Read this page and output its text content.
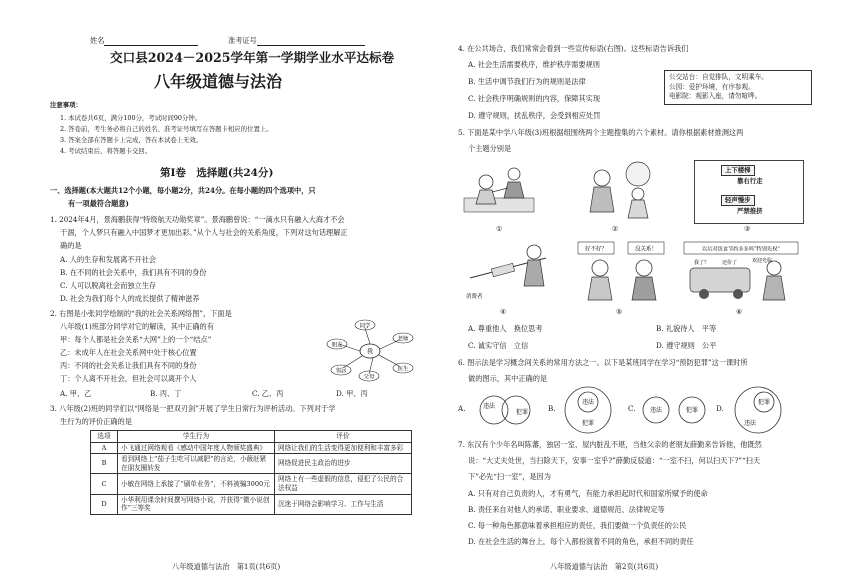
姓名	准考证号
交口县2024－2025学年第一学期学业水平达标卷
八年级道德与法治
注意事项：
1. 本试卷共6页，满分100分，考试时间90分钟。
2. 答卷前，考生务必将自己的姓名、准考证号填写在答题卡相应的位置上。
3. 答案全部在答题卡上完成，答在本试卷上无效。
4. 考试结束后，将答题卡交回。
第Ⅰ卷　选择题(共24分)
一、选择题(本大题共12个小题，每小题2分，共24分。在每小题的四个选项中，只
有一项最符合题意)
1. 2024年4月，景海鹏获得“特级航天功勋奖章”。景海鹏曾说：“一滴水只有融入大海才不会
干涸，个人梦只有融入中国梦才更加出彩。”从个人与社会的关系角度，下列对这句话理解正
确的是
A. 人的生存和发展离不开社会
B. 在不同的社会关系中，我们具有不同的身份
C. 人可以脱离社会而独立生存
D. 社会为我们每个人的成长提供了精神滋养
2. 右图是小张同学绘制的“我的社会关系网络图”，下面是
八年级(1)班部分同学对它的解读，其中正确的有
甲：每个人都是社会关系“大网”上的一个“结点”
乙：未成年人在社会关系网中处于核心位置
丙：不同的社会关系让我们具有不同的身份
丁：个人离不开社会，但社会可以离开个人
A. 甲、乙	B. 丙、丁	C. 乙、丙	D. 甲、丙
同学
朋友
老师
我
邻居
父母
医生
3. 八年级(2)班的同学们以“网络是一把双刃剑”开展了学生日常行为评析活动。下列对于学
生行为的评价正确的是
选项	学生行为	评价
A	小飞通过网络观看《感动中国年度人物颁奖盛典》	网络让我们的生活变得更加便利和丰富多彩
B	看到网络上“茄子生吃可以减肥”的言论，小薇赶紧在朋友圈转发	网络促进民主政治的进步
C	小敏在网络上承接了“刷单业务”，不料被骗3000元	网络上有一些虚假的信息，侵犯了公民的合法权益
D	小华利用课余时间撰写网络小说，并获得“微小说创作”三等奖	沉迷于网络会影响学习、工作与生活
八年级道德与法治　第1页(共6页)
4. 在公共场合，我们常常会看到一些宣传标语(右图)。这些标语告诉我们
A. 社会生活需要秩序，维护秩序需要规则
B. 生活中调节我们行为的规则是法律
C. 社会秩序明确规则的内容，保障其实现
D. 遵守规则，扰乱秩序，会受到相应处罚
公交站台：自觉排队，文明乘车。
公园：爱护环境，有序参观。
电影院：观影入座，请勿喧哗。
5. 下面是某中学八年级(3)班根据组围绕两个主题搜集的六个素材。请你根据素材推测这两
个主题分别是
①	②
上下楼梯
靠右行走
轻声慢步
严禁推挤
③
消费者
④
好不好？	没关系！
⑤
以后对饭食节约多多吗“特别先权”
我了？	还价了	欢迎光临
⑥
A. 尊重他人　换位思考	B. 礼貌待人　平等
C. 诚实守信　立信	D. 遵守规则　公平
6. 图示法是学习概念间关系的常用方法之一。以下是某班同学在学习“预防犯罪”这一课时所
做的图示，其中正确的是
A.	违法
犯罪	B.
违法
犯罪
C. 违法	犯罪 D.
犯罪
违法
7. 东汉有个少年名叫陈蕃，独居一室，屋内脏乱不堪，当他父亲的老朋友薛勤来告诉他，他既然
说：“大丈夫处世，当扫除天下，安事一室乎?”薛勤反驳道：“一室不扫，何以扫天下?”“扫天
下”必先“扫一室”，是因为
A. 只有对自己负责的人，才有勇气，有能力承担起时代和国家所赋予的使命
B. 责任来自对他人的承诺、职业要求、道德规范、法律规定等
C. 每一种角色都意味着承担相应的责任，我们要做一个负责任的公民
D. 在社会生活的舞台上，每个人都扮演着不同的角色，承担不同的责任
八年级道德与法治　第2页(共6页)
